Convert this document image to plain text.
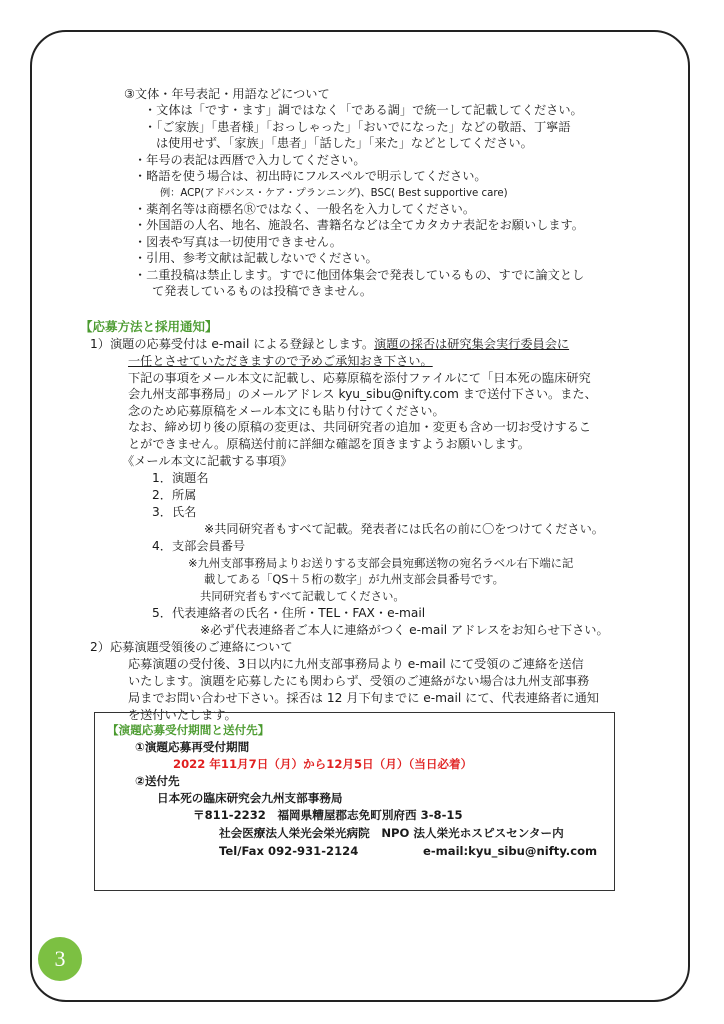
③文体・年号表記・用語などについて
・文体は「です・ます」調ではなく「である調」で統一して記載してください。
・「ご家族」「患者様」「おっしゃった」「おいでになった」などの敬語、丁寧語
は使用せず、「家族」「患者」「話した」「来た」などとしてください。
・年号の表記は西暦で入力してください。
・略語を使う場合は、初出時にフルスペルで明示してください。
例：ACP(アドバンス・ケア・プランニング)、BSC( Best supportive care)
・薬剤名等は商標名Ⓡではなく、一般名を入力してください。
・外国語の人名、地名、施設名、書籍名などは全てカタカナ表記をお願いします。
・図表や写真は一切使用できません。
・引用、参考文献は記載しないでください。
・二重投稿は禁止します。すでに他団体集会で発表しているもの、すでに論文とし
て発表しているものは投稿できません。
【応募方法と採用通知】
1）演題の応募受付は e-mail による登録とします。演題の採否は研究集会実行委員会に
一任とさせていただきますので予めご承知おき下さい。
下記の事項をメール本文に記載し、応募原稿を添付ファイルにて「日本死の臨床研究
会九州支部事務局」のメールアドレス kyu_sibu@nifty.com まで送付下さい。また、
念のため応募原稿をメール本文にも貼り付けてください。
なお、締め切り後の原稿の変更は、共同研究者の追加・変更も含め一切お受けするこ
とができません。原稿送付前に詳細な確認を頂きますようお願いします。
《メール本文に記載する事項》
1．演題名
2．所属
3．氏名
※共同研究者もすべて記載。発表者には氏名の前に〇をつけてください。
4．支部会員番号
※九州支部事務局よりお送りする支部会員宛郵送物の宛名ラベル右下端に記
載してある「QS＋５桁の数字」が九州支部会員番号です。
共同研究者もすべて記載してください。
5．代表連絡者の氏名・住所・TEL・FAX・e-mail
※必ず代表連絡者ご本人に連絡がつく e-mail アドレスをお知らせ下さい。
2）応募演題受領後のご連絡について
応募演題の受付後、3日以内に九州支部事務局より e-mail にて受領のご連絡を送信
いたします。演題を応募したにも関わらず、受領のご連絡がない場合は九州支部事務
局までお問い合わせ下さい。採否は 12 月下旬までに e-mail にて、代表連絡者に通知
を送付いたします。
【演題応募受付期間と送付先】
①演題応募再受付期間
2022 年11月7日（月）から12月5日（月）（当日必着）
②送付先
日本死の臨床研究会九州支部事務局
〒811-2232　福岡県糟屋郡志免町別府西 3-8-15
社会医療法人栄光会栄光病院　NPO 法人栄光ホスピスセンター内
Tel/Fax 092-931-2124	e-mail:kyu_sibu@nifty.com
3
